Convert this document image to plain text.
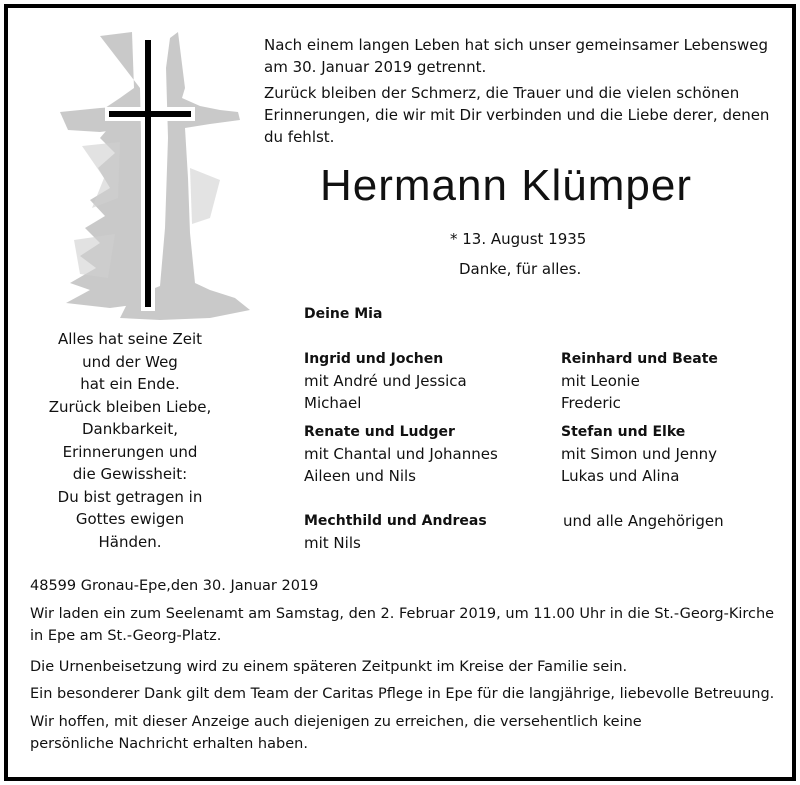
Nach einem langen Leben hat sich unser gemeinsamer Lebensweg
am 30. Januar 2019 getrennt.
Zurück bleiben der Schmerz, die Trauer und die vielen schönen
Erinnerungen, die wir mit Dir verbinden und die Liebe derer, denen
du fehlst.
Hermann Klümper
* 13. August 1935
Danke, für alles.
Alles hat seine Zeit
und der Weg
hat ein Ende.
Zurück bleiben Liebe,
Dankbarkeit,
Erinnerungen und
die Gewissheit:
Du bist getragen in
Gottes ewigen
Händen.
Deine Mia
Ingrid und Jochen
mit André und Jessica
Michael
Reinhard und Beate
mit Leonie
Frederic
Renate und Ludger
mit Chantal und Johannes
Aileen und Nils
Stefan und Elke
mit Simon und Jenny
Lukas und Alina
Mechthild und Andreas
mit Nils
und alle Angehörigen
48599 Gronau-Epe,den 30. Januar 2019
Wir laden ein zum Seelenamt am Samstag, den 2. Februar 2019, um 11.00 Uhr in die St.-Georg-Kirche in Epe am St.-Georg-Platz.
Die Urnenbeisetzung wird zu einem späteren Zeitpunkt im Kreise der Familie sein.
Ein besonderer Dank gilt dem Team der Caritas Pflege in Epe für die langjährige, liebevolle Betreuung.
Wir hoffen, mit dieser Anzeige auch diejenigen zu erreichen, die versehentlich keine persönliche Nachricht erhalten haben.
